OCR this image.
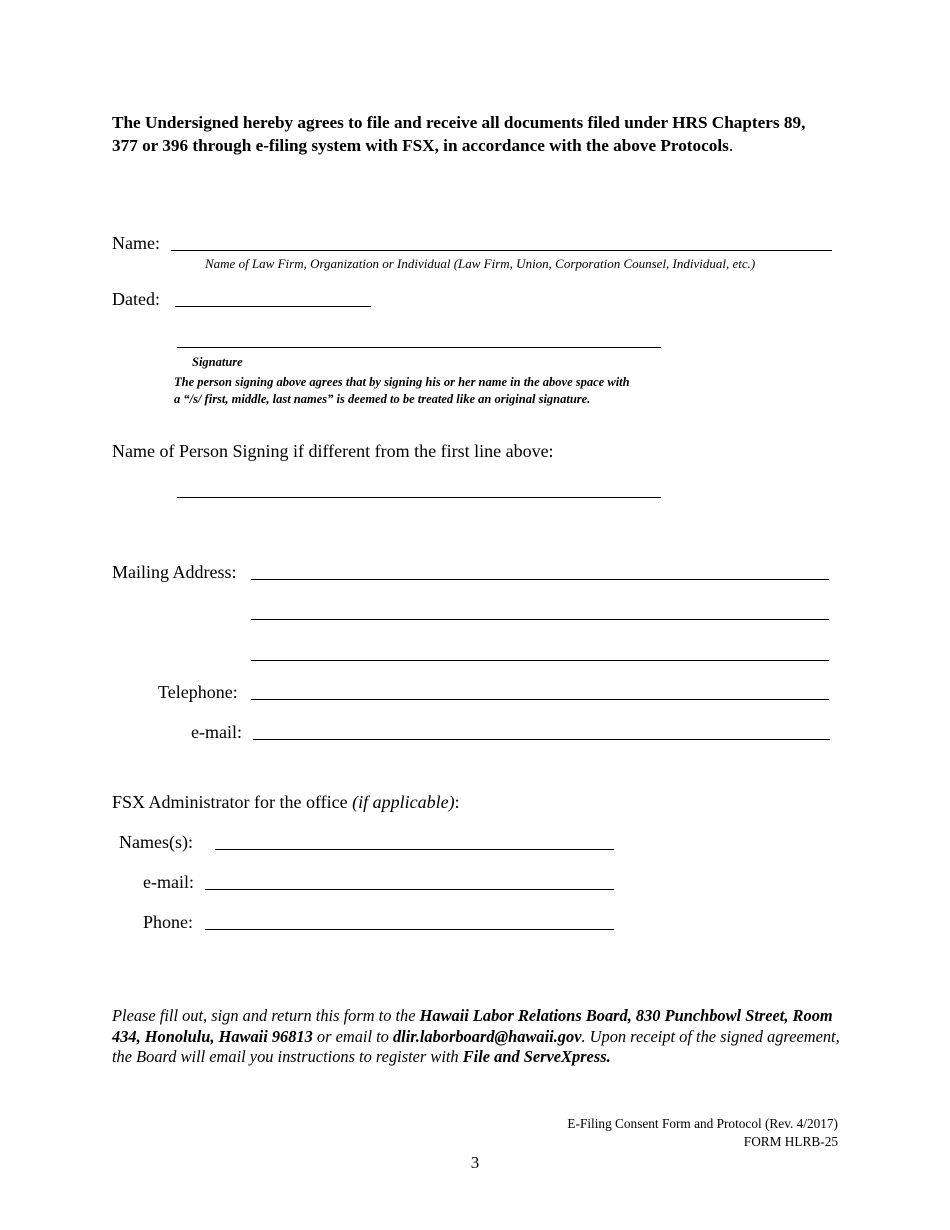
The Undersigned hereby agrees to file and receive all documents filed under HRS Chapters 89, 377 or 396 through e-filing system with FSX, in accordance with the above Protocols.
Name:
Name of Law Firm, Organization or Individual (Law Firm, Union, Corporation Counsel, Individual, etc.)
Dated:
Signature
The person signing above agrees that by signing his or her name in the above space with
a “/s/ first, middle, last names” is deemed to be treated like an original signature.
Name of Person Signing if different from the first line above:
Mailing Address:
Telephone:
e-mail:
FSX Administrator for the office (if applicable):
Names(s):
e-mail:
Phone:
Please fill out, sign and return this form to the Hawaii Labor Relations Board, 830 Punchbowl Street, Room 434, Honolulu, Hawaii 96813 or email to dlir.laborboard@hawaii.gov. Upon receipt of the signed agreement, the Board will email you instructions to register with File and ServeXpress.
E-Filing Consent Form and Protocol (Rev. 4/2017)
FORM HLRB-25
3
